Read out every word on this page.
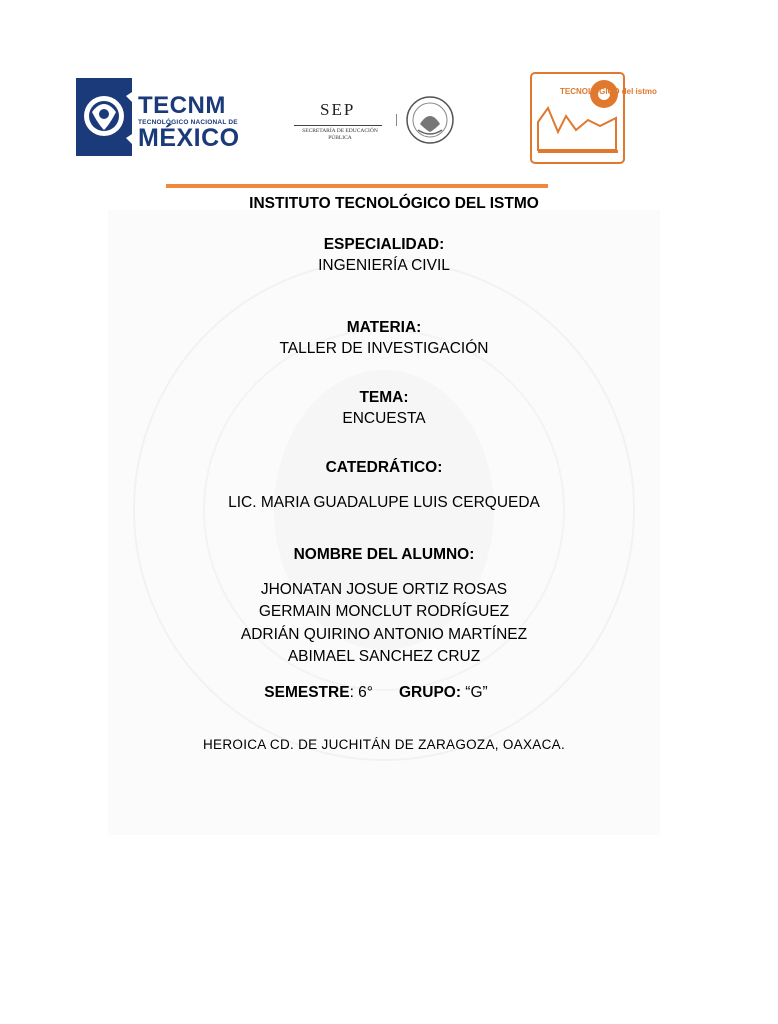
TECNM
TECNOLÓGICO NACIONAL DE
MÉXICO
SEP
SECRETARÍA DE EDUCACIÓN PÚBLICA
TECNOLÓGICO del istmo
INSTITUTO TECNOLÓGICO DEL ISTMO
ESPECIALIDAD:
INGENIERÍA CIVIL
MATERIA:
TALLER DE INVESTIGACIÓN
TEMA:
ENCUESTA
CATEDRÁTICO:
LIC. MARIA GUADALUPE LUIS CERQUEDA
NOMBRE DEL ALUMNO:
JHONATAN JOSUE ORTIZ ROSAS
GERMAIN MONCLUT RODRÍGUEZ
ADRIÁN QUIRINO ANTONIO MARTÍNEZ
ABIMAEL SANCHEZ CRUZ
SEMESTRE: 6° GRUPO: “G”
HEROICA CD. DE JUCHITÁN DE ZARAGOZA, OAXACA.
